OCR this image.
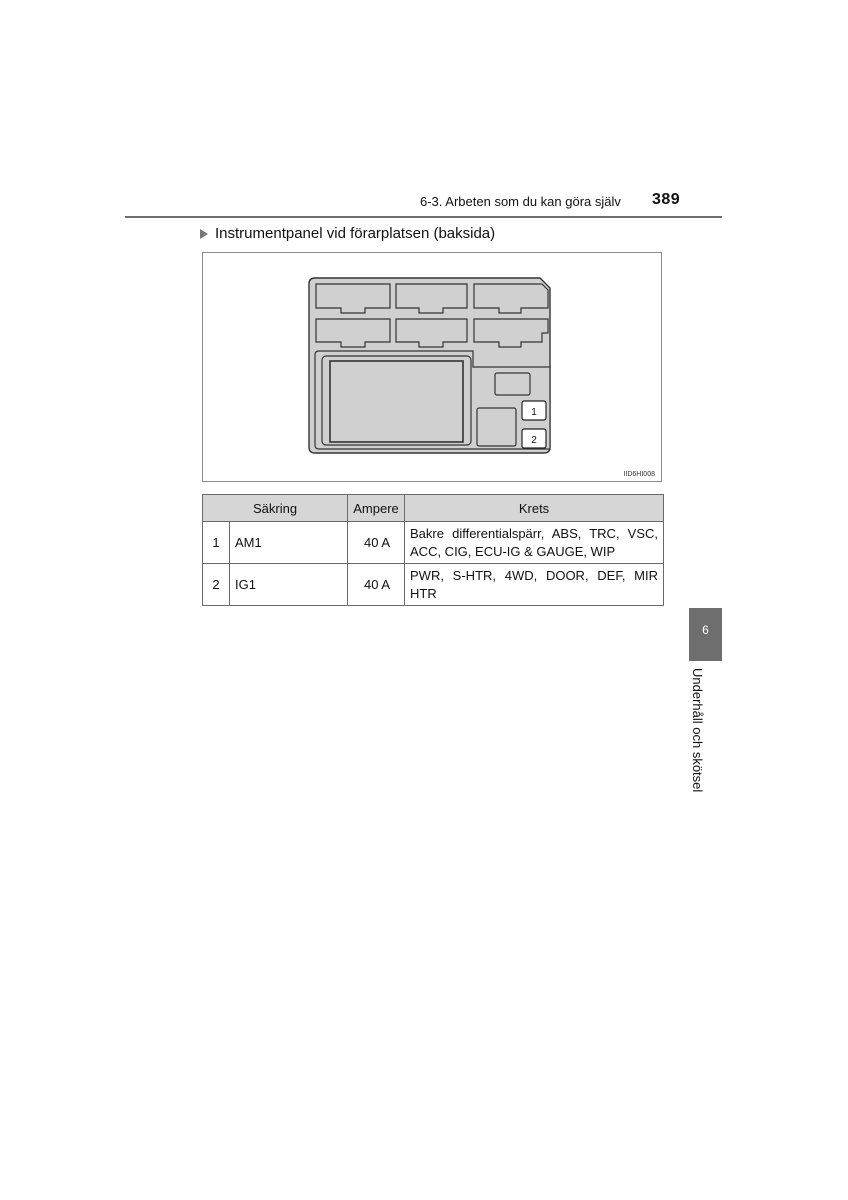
6-3. Arbeten som du kan göra själv 389
Instrumentpanel vid förarplatsen (baksida)
1
2
IID6HI008
Säkring		Ampere	Krets
1	AM1	40 A	Bakre differentialspärr, ABS, TRC, VSC, ACC, CIG, ECU-IG & GAUGE, WIP
2	IG1	40 A	PWR, S-HTR, 4WD, DOOR, DEF, MIR HTR
6
Underhåll och skötsel
